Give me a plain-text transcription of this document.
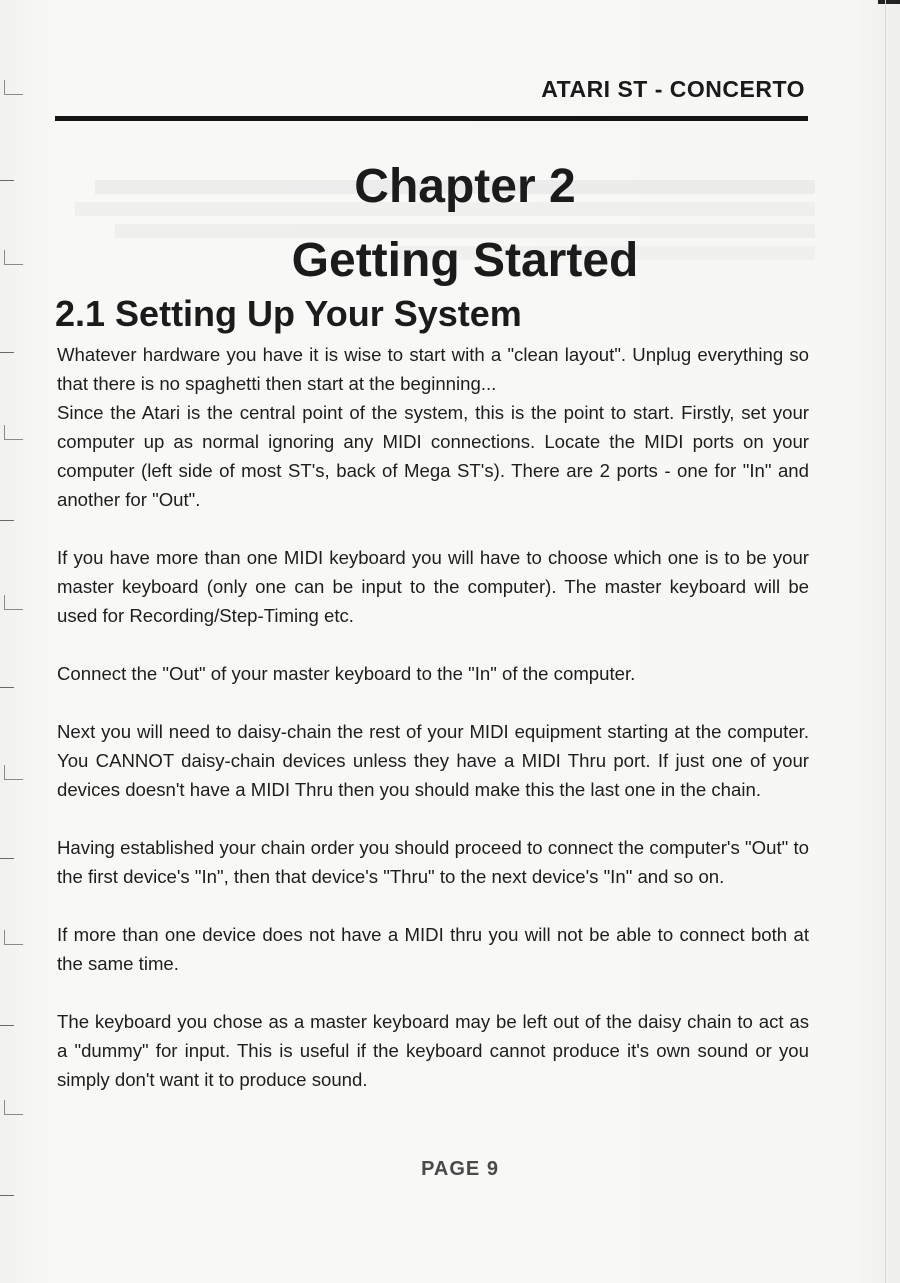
ATARI ST - CONCERTO
Chapter 2
Getting Started
2.1 Setting Up Your System

Whatever hardware you have it is wise to start with a "clean layout". Unplug everything so that there is no spaghetti then start at the beginning...

Since the Atari is the central point of the system, this is the point to start. Firstly, set your computer up as normal ignoring any MIDI connections. Locate the MIDI ports on your computer (left side of most ST's, back of Mega ST's). There are 2 ports - one for "In" and another for "Out".

If you have more than one MIDI keyboard you will have to choose which one is to be your master keyboard (only one can be input to the computer). The master keyboard will be used for Recording/Step-Timing etc.

Connect the "Out" of your master keyboard to the "In" of the computer.

Next you will need to daisy-chain the rest of your MIDI equipment starting at the computer. You CANNOT daisy-chain devices unless they have a MIDI Thru port. If just one of your devices doesn't have a MIDI Thru then you should make this the last one in the chain.

Having established your chain order you should proceed to connect the computer's "Out" to the first device's "In", then that device's "Thru" to the next device's "In" and so on.

If more than one device does not have a MIDI thru you will not be able to connect both at the same time.

The keyboard you chose as a master keyboard may be left out of the daisy chain to act as a "dummy" for input. This is useful if the keyboard cannot produce it's own sound or you simply don't want it to produce sound.

PAGE 9
